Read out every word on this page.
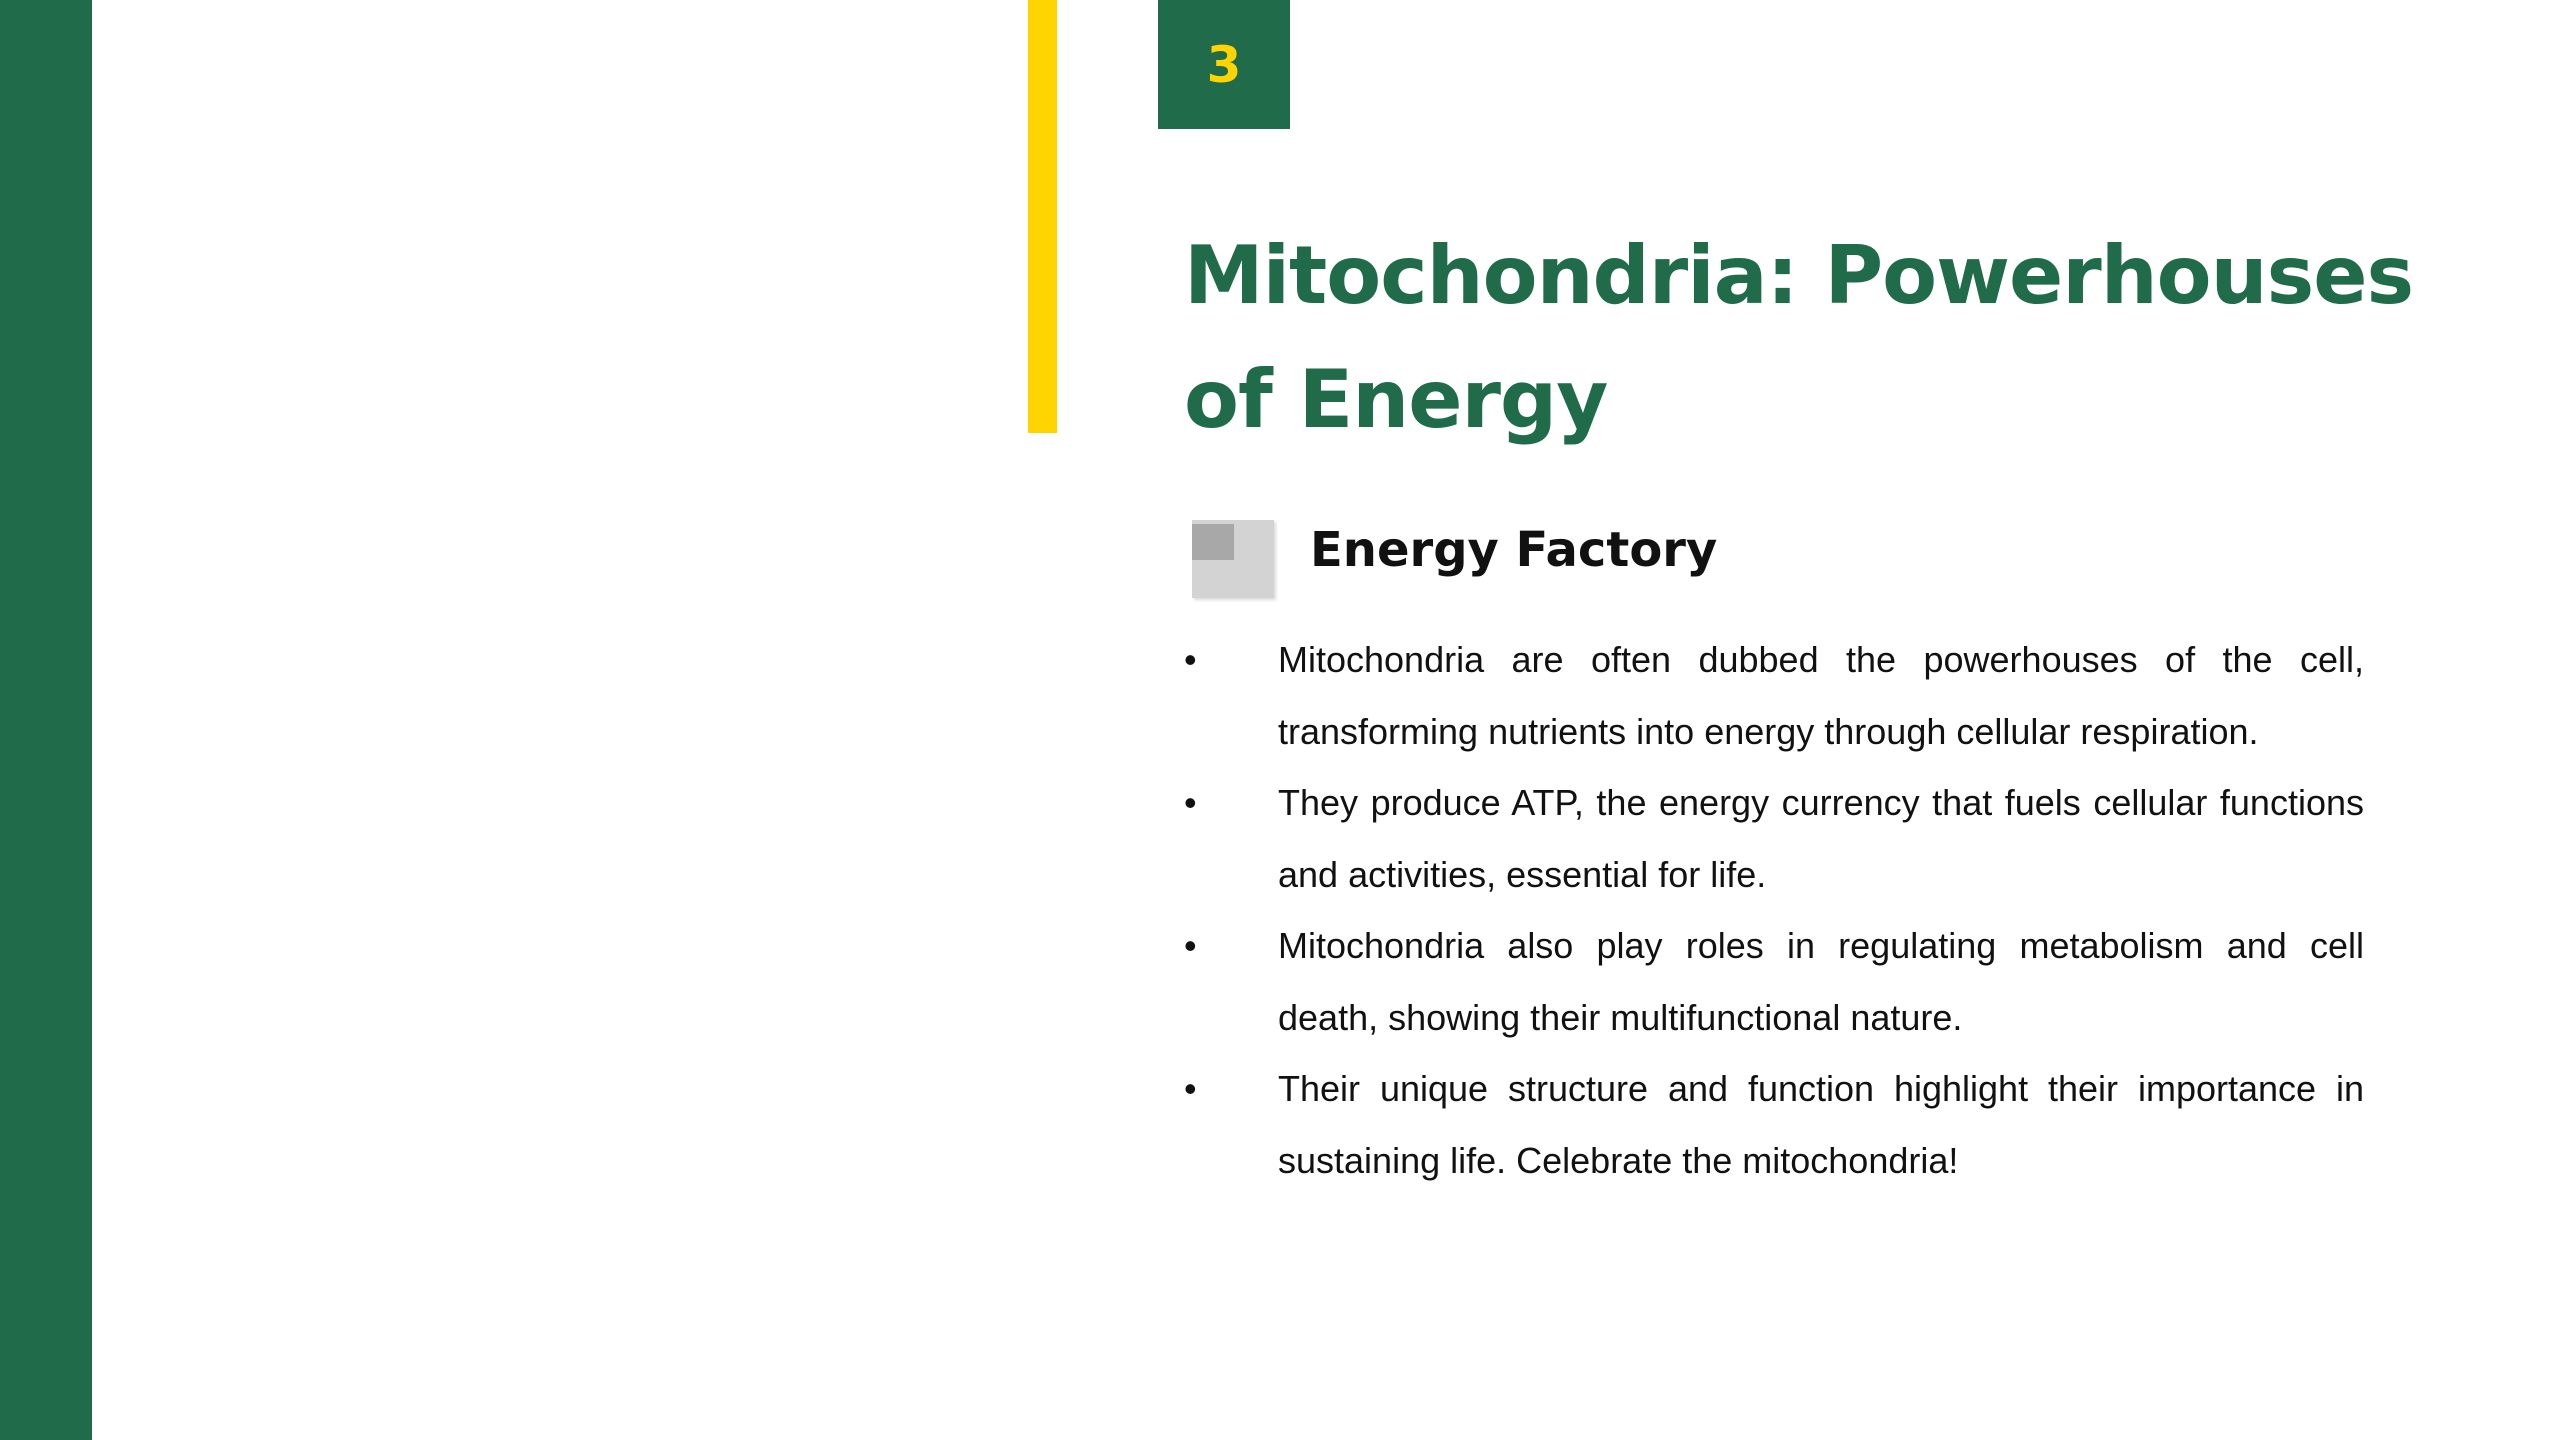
3
Mitochondria: Powerhouses of Energy
Energy Factory
• Mitochondria are often dubbed the powerhouses of the cell, transforming nutrients into energy through cellular respiration.
• They produce ATP, the energy currency that fuels cellular functions and activities, essential for life.
• Mitochondria also play roles in regulating metabolism and cell death, showing their multifunctional nature.
• Their unique structure and function highlight their importance in sustaining life. Celebrate the mitochondria!
